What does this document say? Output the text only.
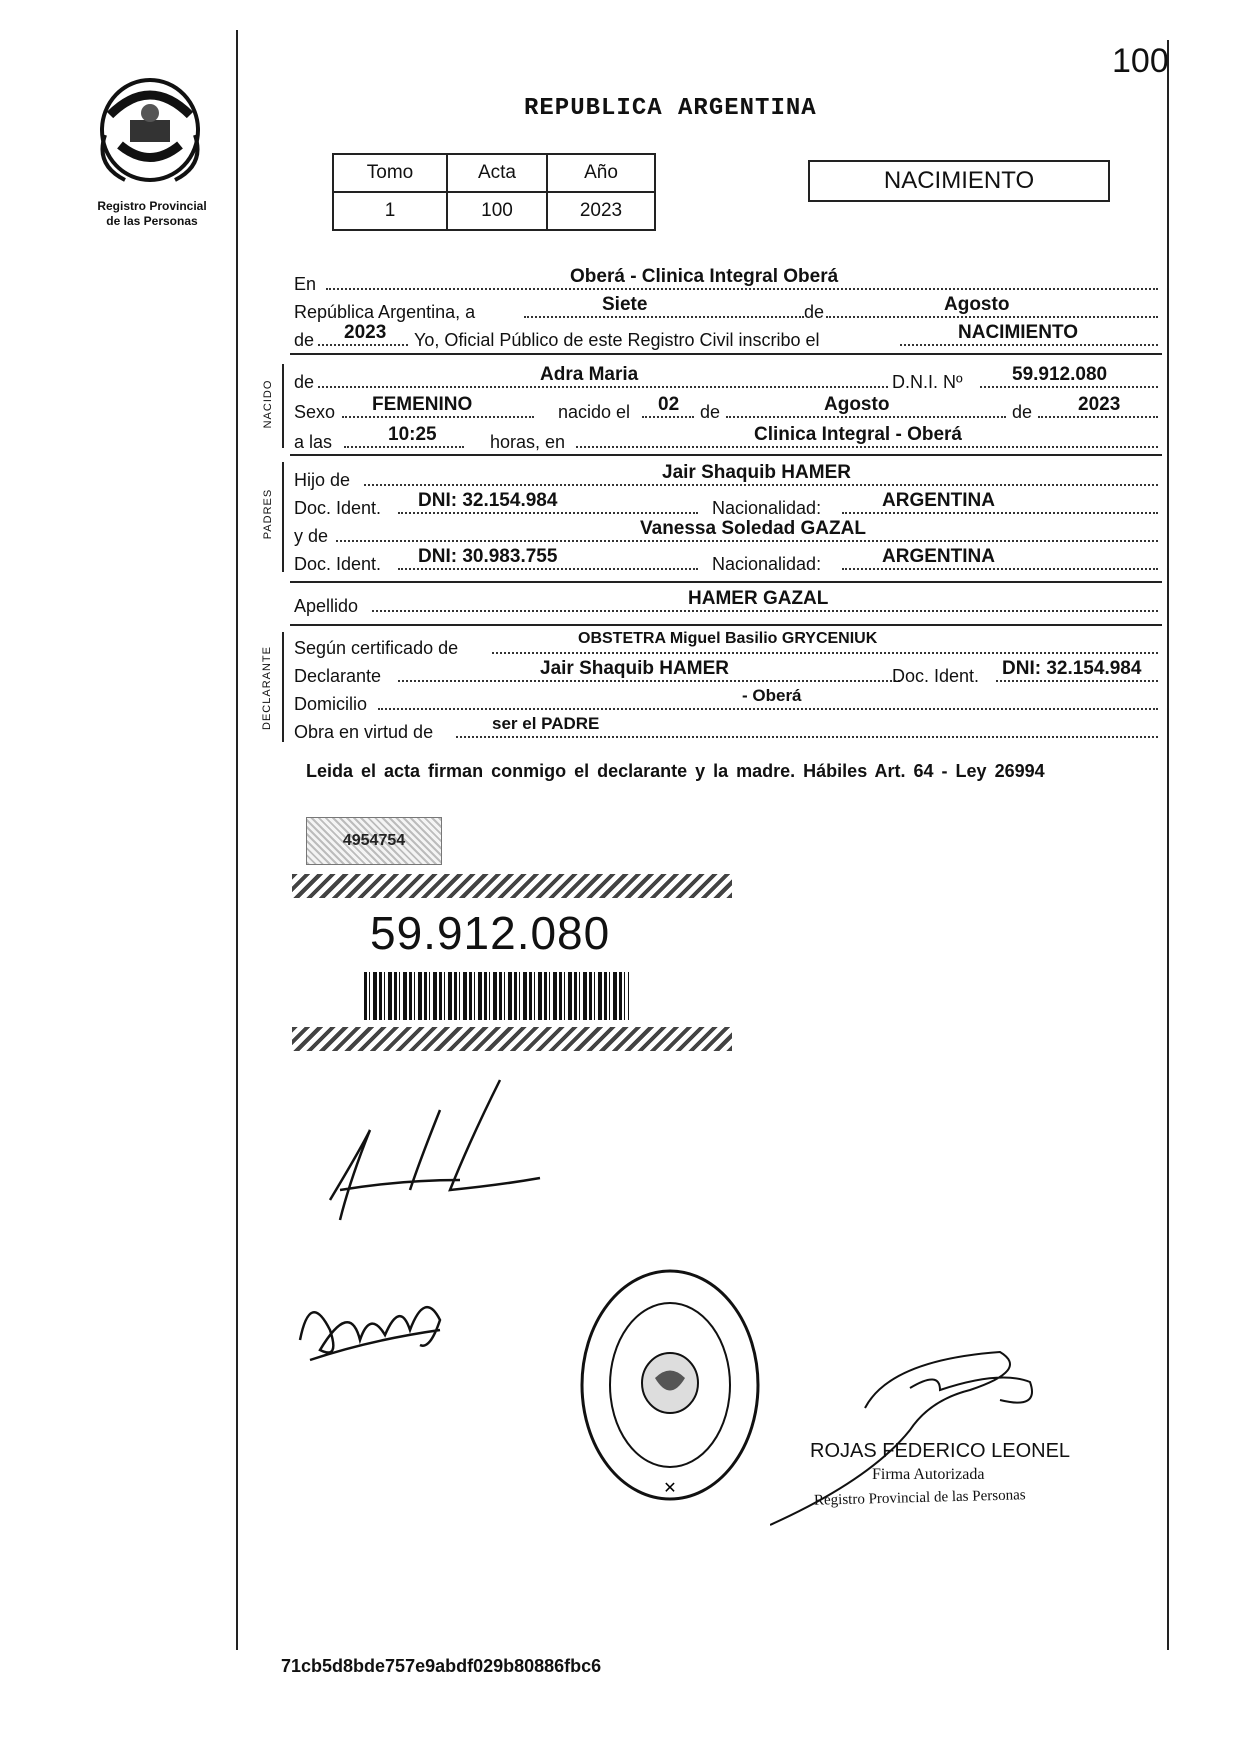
100
Registro Provincial
de las Personas
REPUBLICA ARGENTINA
Tomo	Acta	Año
1	100	2023
NACIMIENTO
En	Oberá - Clinica Integral Oberá
República Argentina, a	Siete	de	Agosto
de 2023 Yo, Oficial Público de este Registro Civil inscribo el	NACIMIENTO
NACIDO de	Adra Maria	D.N.I. Nº	59.912.080
Sexo FEMENINO	nacido el 02 de	Agosto	de 2023
a las	10:25	horas, en	Clinica Integral - Oberá
PADRES
Hijo de	Jair Shaquib HAMER
Doc. Ident. DNI: 32.154.984	Nacionalidad:	ARGENTINA
y de	Vanessa Soledad GAZAL
Doc. Ident. DNI: 30.983.755	Nacionalidad:	ARGENTINA
Apellido	HAMER GAZAL
DECLARANTE Según certificado de	OBSTETRA Miguel Basilio GRYCENIUK
Declarante	Jair Shaquib HAMER	Doc. Ident. DNI: 32.154.984
Domicilio	- Oberá
Obra en virtud de	ser el PADRE
Leida el acta firman conmigo el declarante y la madre. Hábiles Art. 64 - Ley 26994
4954754
59.912.080
✕
ROJAS FEDERICO LEONEL
Firma Autorizada
Registro Provincial de las Personas
71cb5d8bde757e9abdf029b80886fbc6
